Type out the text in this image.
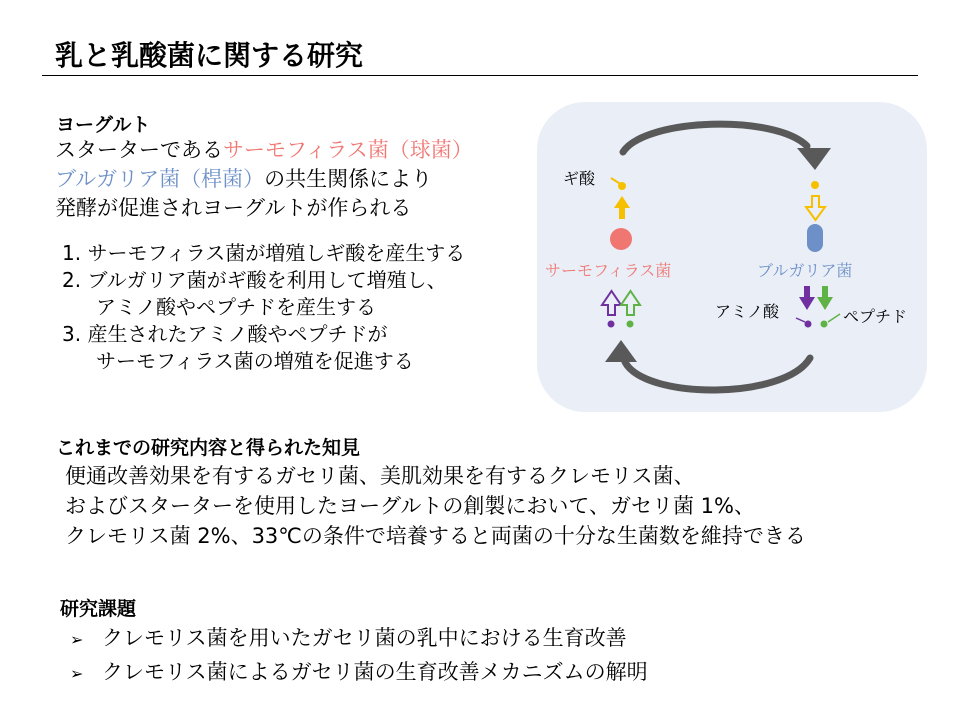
乳と乳酸菌に関する研究
ヨーグルト
スターターであるサーモフィラス菌（球菌）
ブルガリア菌（桿菌）の共生関係により
発酵が促進されヨーグルトが作られる
1. サーモフィラス菌が増殖しギ酸を産生する
2. ブルガリア菌がギ酸を利用して増殖し、
アミノ酸やペプチドを産生する
3. 産生されたアミノ酸やペプチドが
サーモフィラス菌の増殖を促進する
ギ酸
サーモフィラス菌	ブルガリア菌
アミノ酸	ペプチド
これまでの研究内容と得られた知見
便通改善効果を有するガセリ菌、美肌効果を有するクレモリス菌、
およびスターターを使用したヨーグルトの創製において、ガセリ菌 1%、
クレモリス菌 2%、33℃の条件で培養すると両菌の十分な生菌数を維持できる
研究課題
➢ クレモリス菌を用いたガセリ菌の乳中における生育改善
➢ クレモリス菌によるガセリ菌の生育改善メカニズムの解明
